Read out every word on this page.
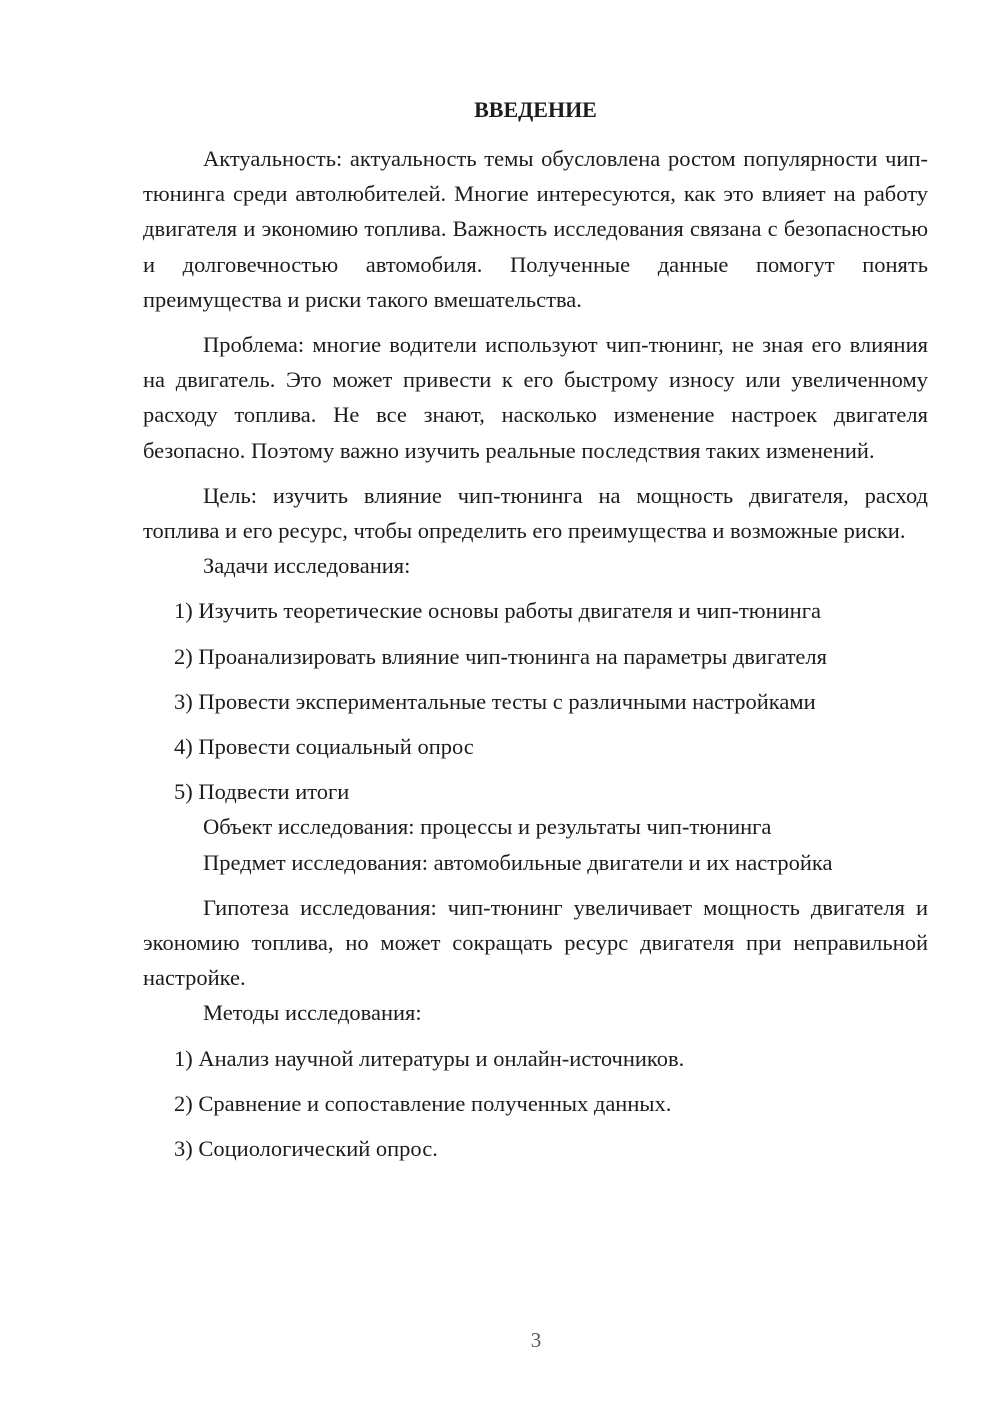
ВВЕДЕНИЕ

Актуальность: актуальность темы обусловлена ростом популярности чип-тюнинга среди автолюбителей. Многие интересуются, как это влияет на работу двигателя и экономию топлива. Важность исследования связана с безопасностью и долговечностью автомобиля. Полученные данные помогут понять преимущества и риски такого вмешательства.

Проблема: многие водители используют чип-тюнинг, не зная его влияния на двигатель. Это может привести к его быстрому износу или увеличенному расходу топлива. Не все знают, насколько изменение настроек двигателя безопасно. Поэтому важно изучить реальные последствия таких изменений.

Цель: изучить влияние чип-тюнинга на мощность двигателя, расход топлива и его ресурс, чтобы определить его преимущества и возможные риски.

Задачи исследования:

1) Изучить теоретические основы работы двигателя и чип-тюнинга

2) Проанализировать влияние чип-тюнинга на параметры двигателя

3) Провести экспериментальные тесты с различными настройками

4) Провести социальный опрос

5) Подвести итоги

Объект исследования: процессы и результаты чип-тюнинга

Предмет исследования: автомобильные двигатели и их настройка

Гипотеза исследования: чип-тюнинг увеличивает мощность двигателя и экономию топлива, но может сокращать ресурс двигателя при неправильной настройке.

Методы исследования:

1) Анализ научной литературы и онлайн-источников.

2) Сравнение и сопоставление полученных данных.

3) Социологический опрос.

3
